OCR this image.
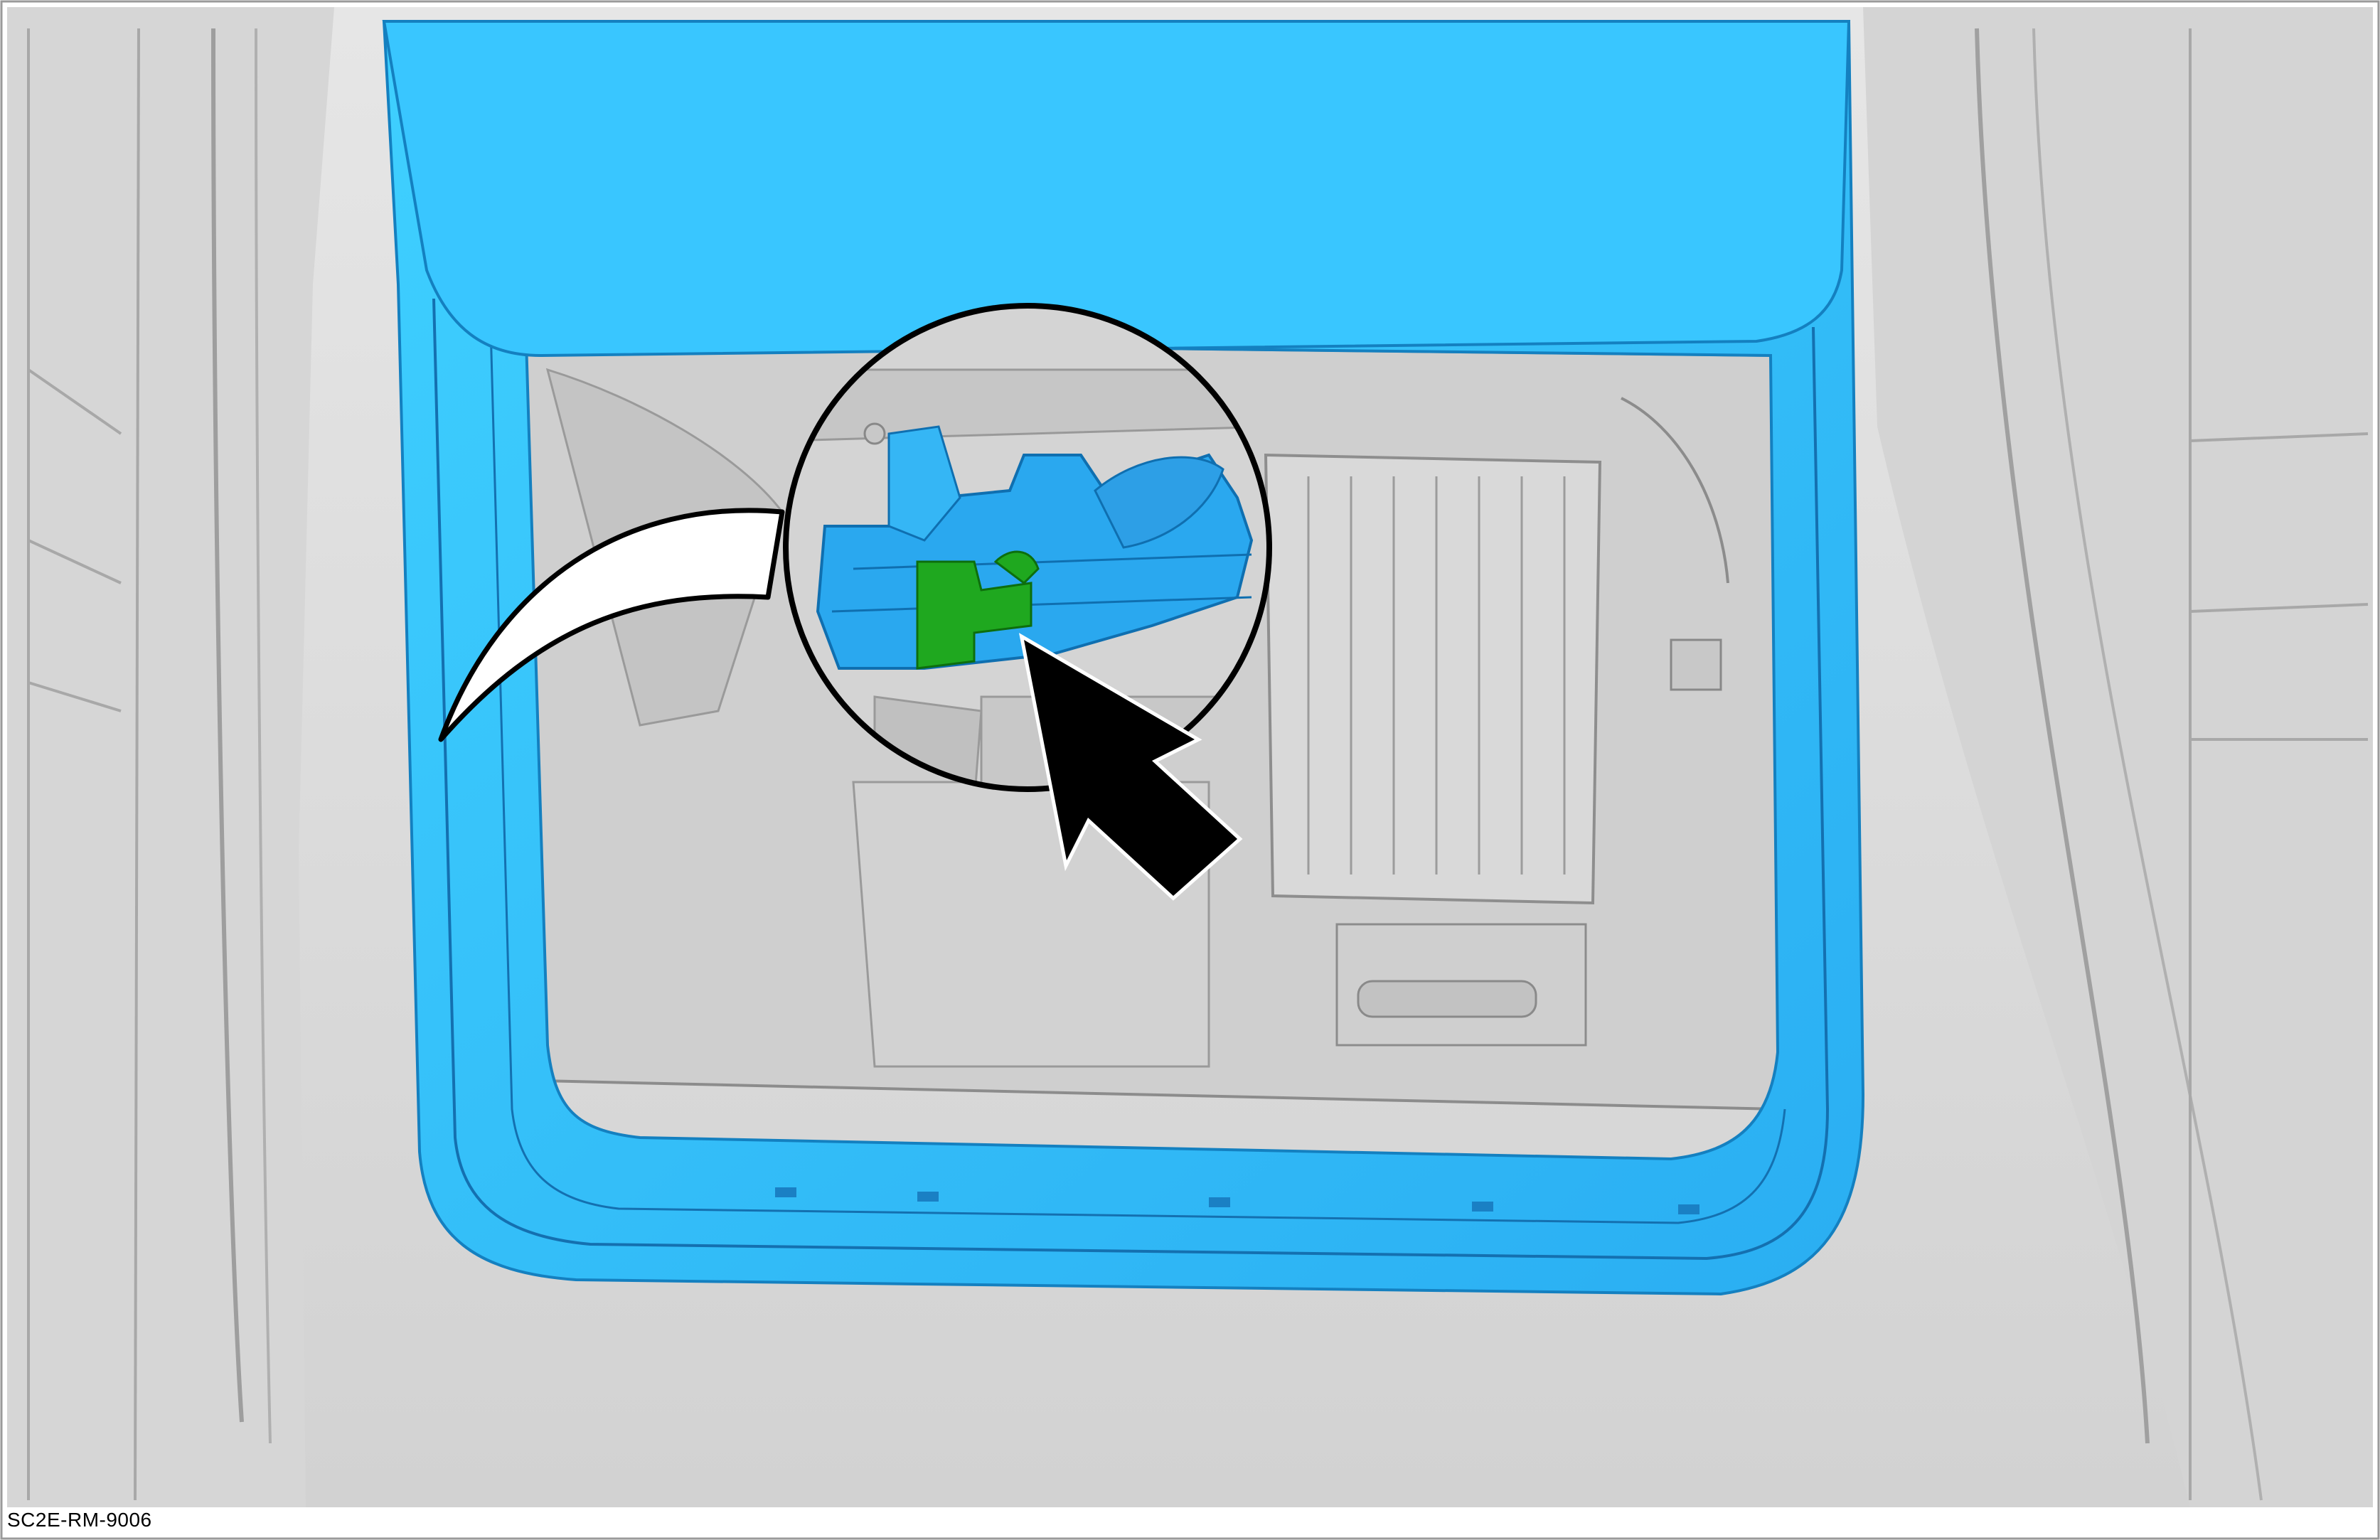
SC2E-RM-9006
